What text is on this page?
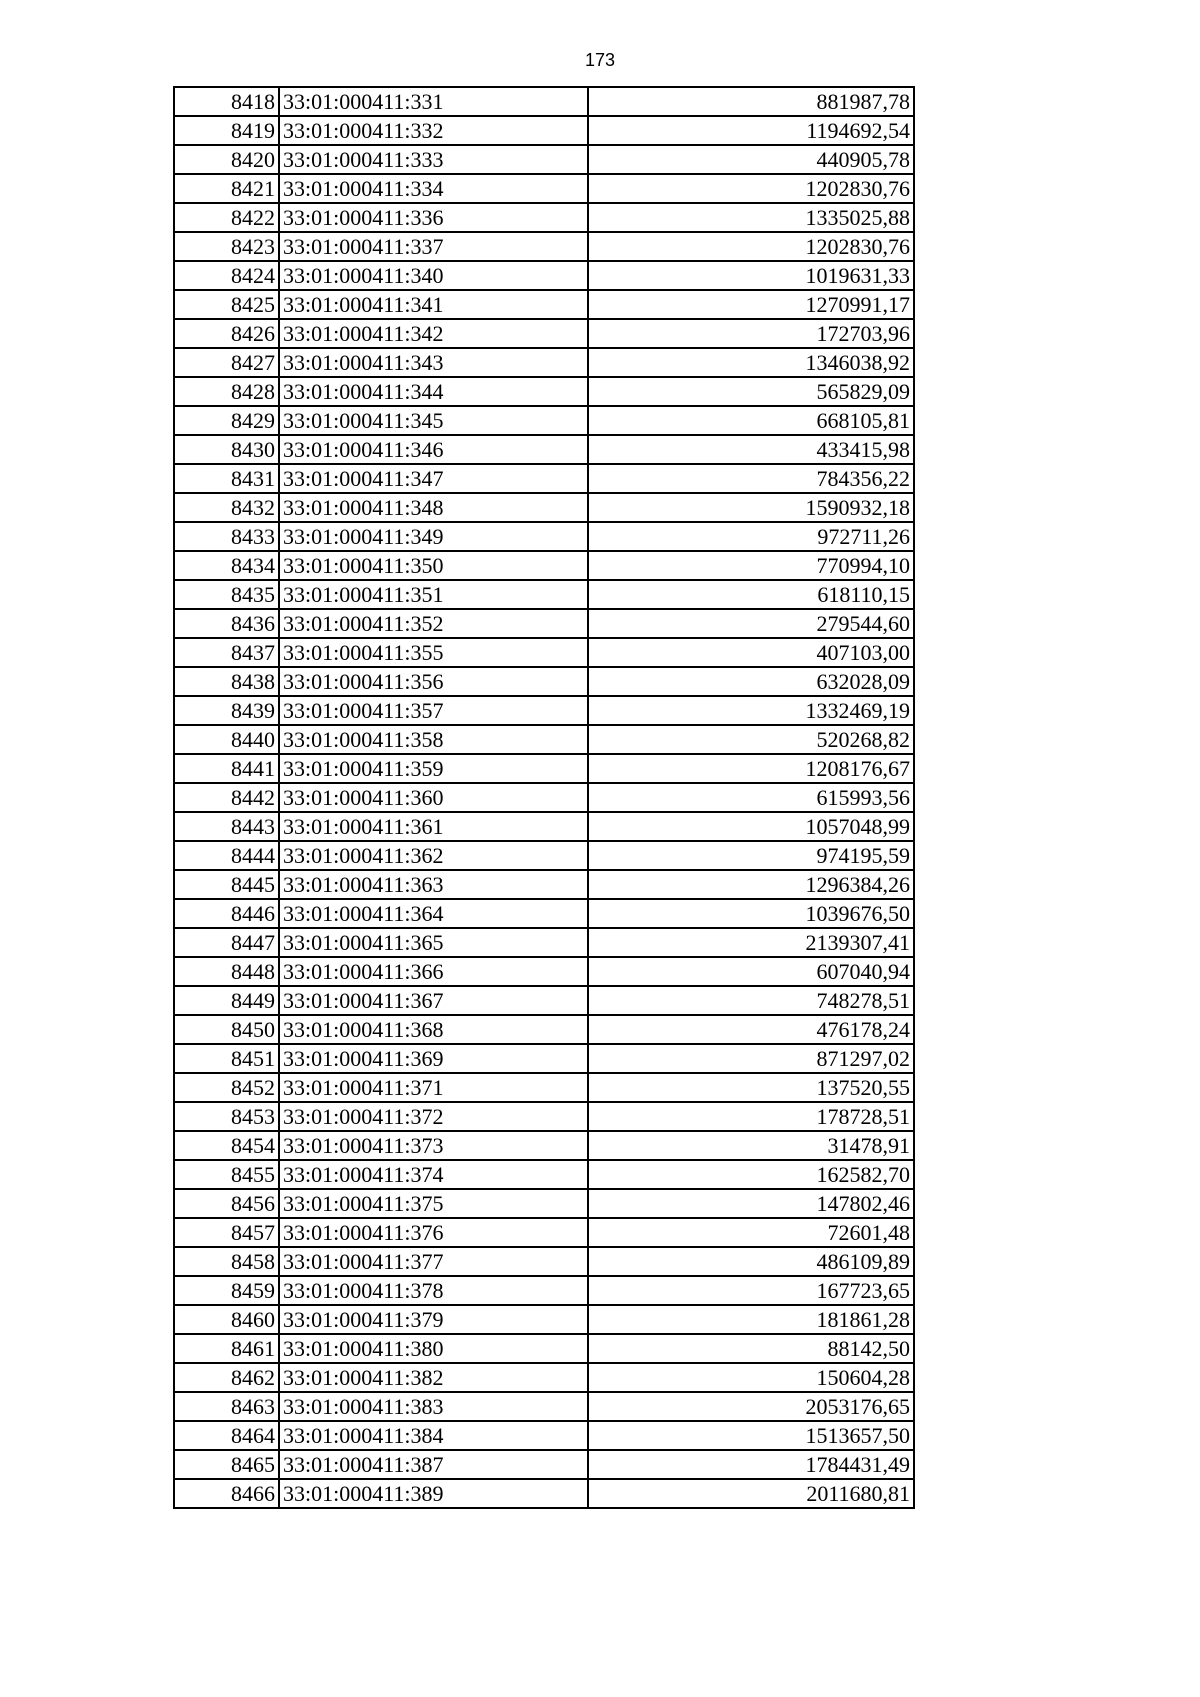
173
8418	33:01:000411:331	881987,78
8419	33:01:000411:332	1194692,54
8420	33:01:000411:333	440905,78
8421	33:01:000411:334	1202830,76
8422	33:01:000411:336	1335025,88
8423	33:01:000411:337	1202830,76
8424	33:01:000411:340	1019631,33
8425	33:01:000411:341	1270991,17
8426	33:01:000411:342	172703,96
8427	33:01:000411:343	1346038,92
8428	33:01:000411:344	565829,09
8429	33:01:000411:345	668105,81
8430	33:01:000411:346	433415,98
8431	33:01:000411:347	784356,22
8432	33:01:000411:348	1590932,18
8433	33:01:000411:349	972711,26
8434	33:01:000411:350	770994,10
8435	33:01:000411:351	618110,15
8436	33:01:000411:352	279544,60
8437	33:01:000411:355	407103,00
8438	33:01:000411:356	632028,09
8439	33:01:000411:357	1332469,19
8440	33:01:000411:358	520268,82
8441	33:01:000411:359	1208176,67
8442	33:01:000411:360	615993,56
8443	33:01:000411:361	1057048,99
8444	33:01:000411:362	974195,59
8445	33:01:000411:363	1296384,26
8446	33:01:000411:364	1039676,50
8447	33:01:000411:365	2139307,41
8448	33:01:000411:366	607040,94
8449	33:01:000411:367	748278,51
8450	33:01:000411:368	476178,24
8451	33:01:000411:369	871297,02
8452	33:01:000411:371	137520,55
8453	33:01:000411:372	178728,51
8454	33:01:000411:373	31478,91
8455	33:01:000411:374	162582,70
8456	33:01:000411:375	147802,46
8457	33:01:000411:376	72601,48
8458	33:01:000411:377	486109,89
8459	33:01:000411:378	167723,65
8460	33:01:000411:379	181861,28
8461	33:01:000411:380	88142,50
8462	33:01:000411:382	150604,28
8463	33:01:000411:383	2053176,65
8464	33:01:000411:384	1513657,50
8465	33:01:000411:387	1784431,49
8466	33:01:000411:389	2011680,81
